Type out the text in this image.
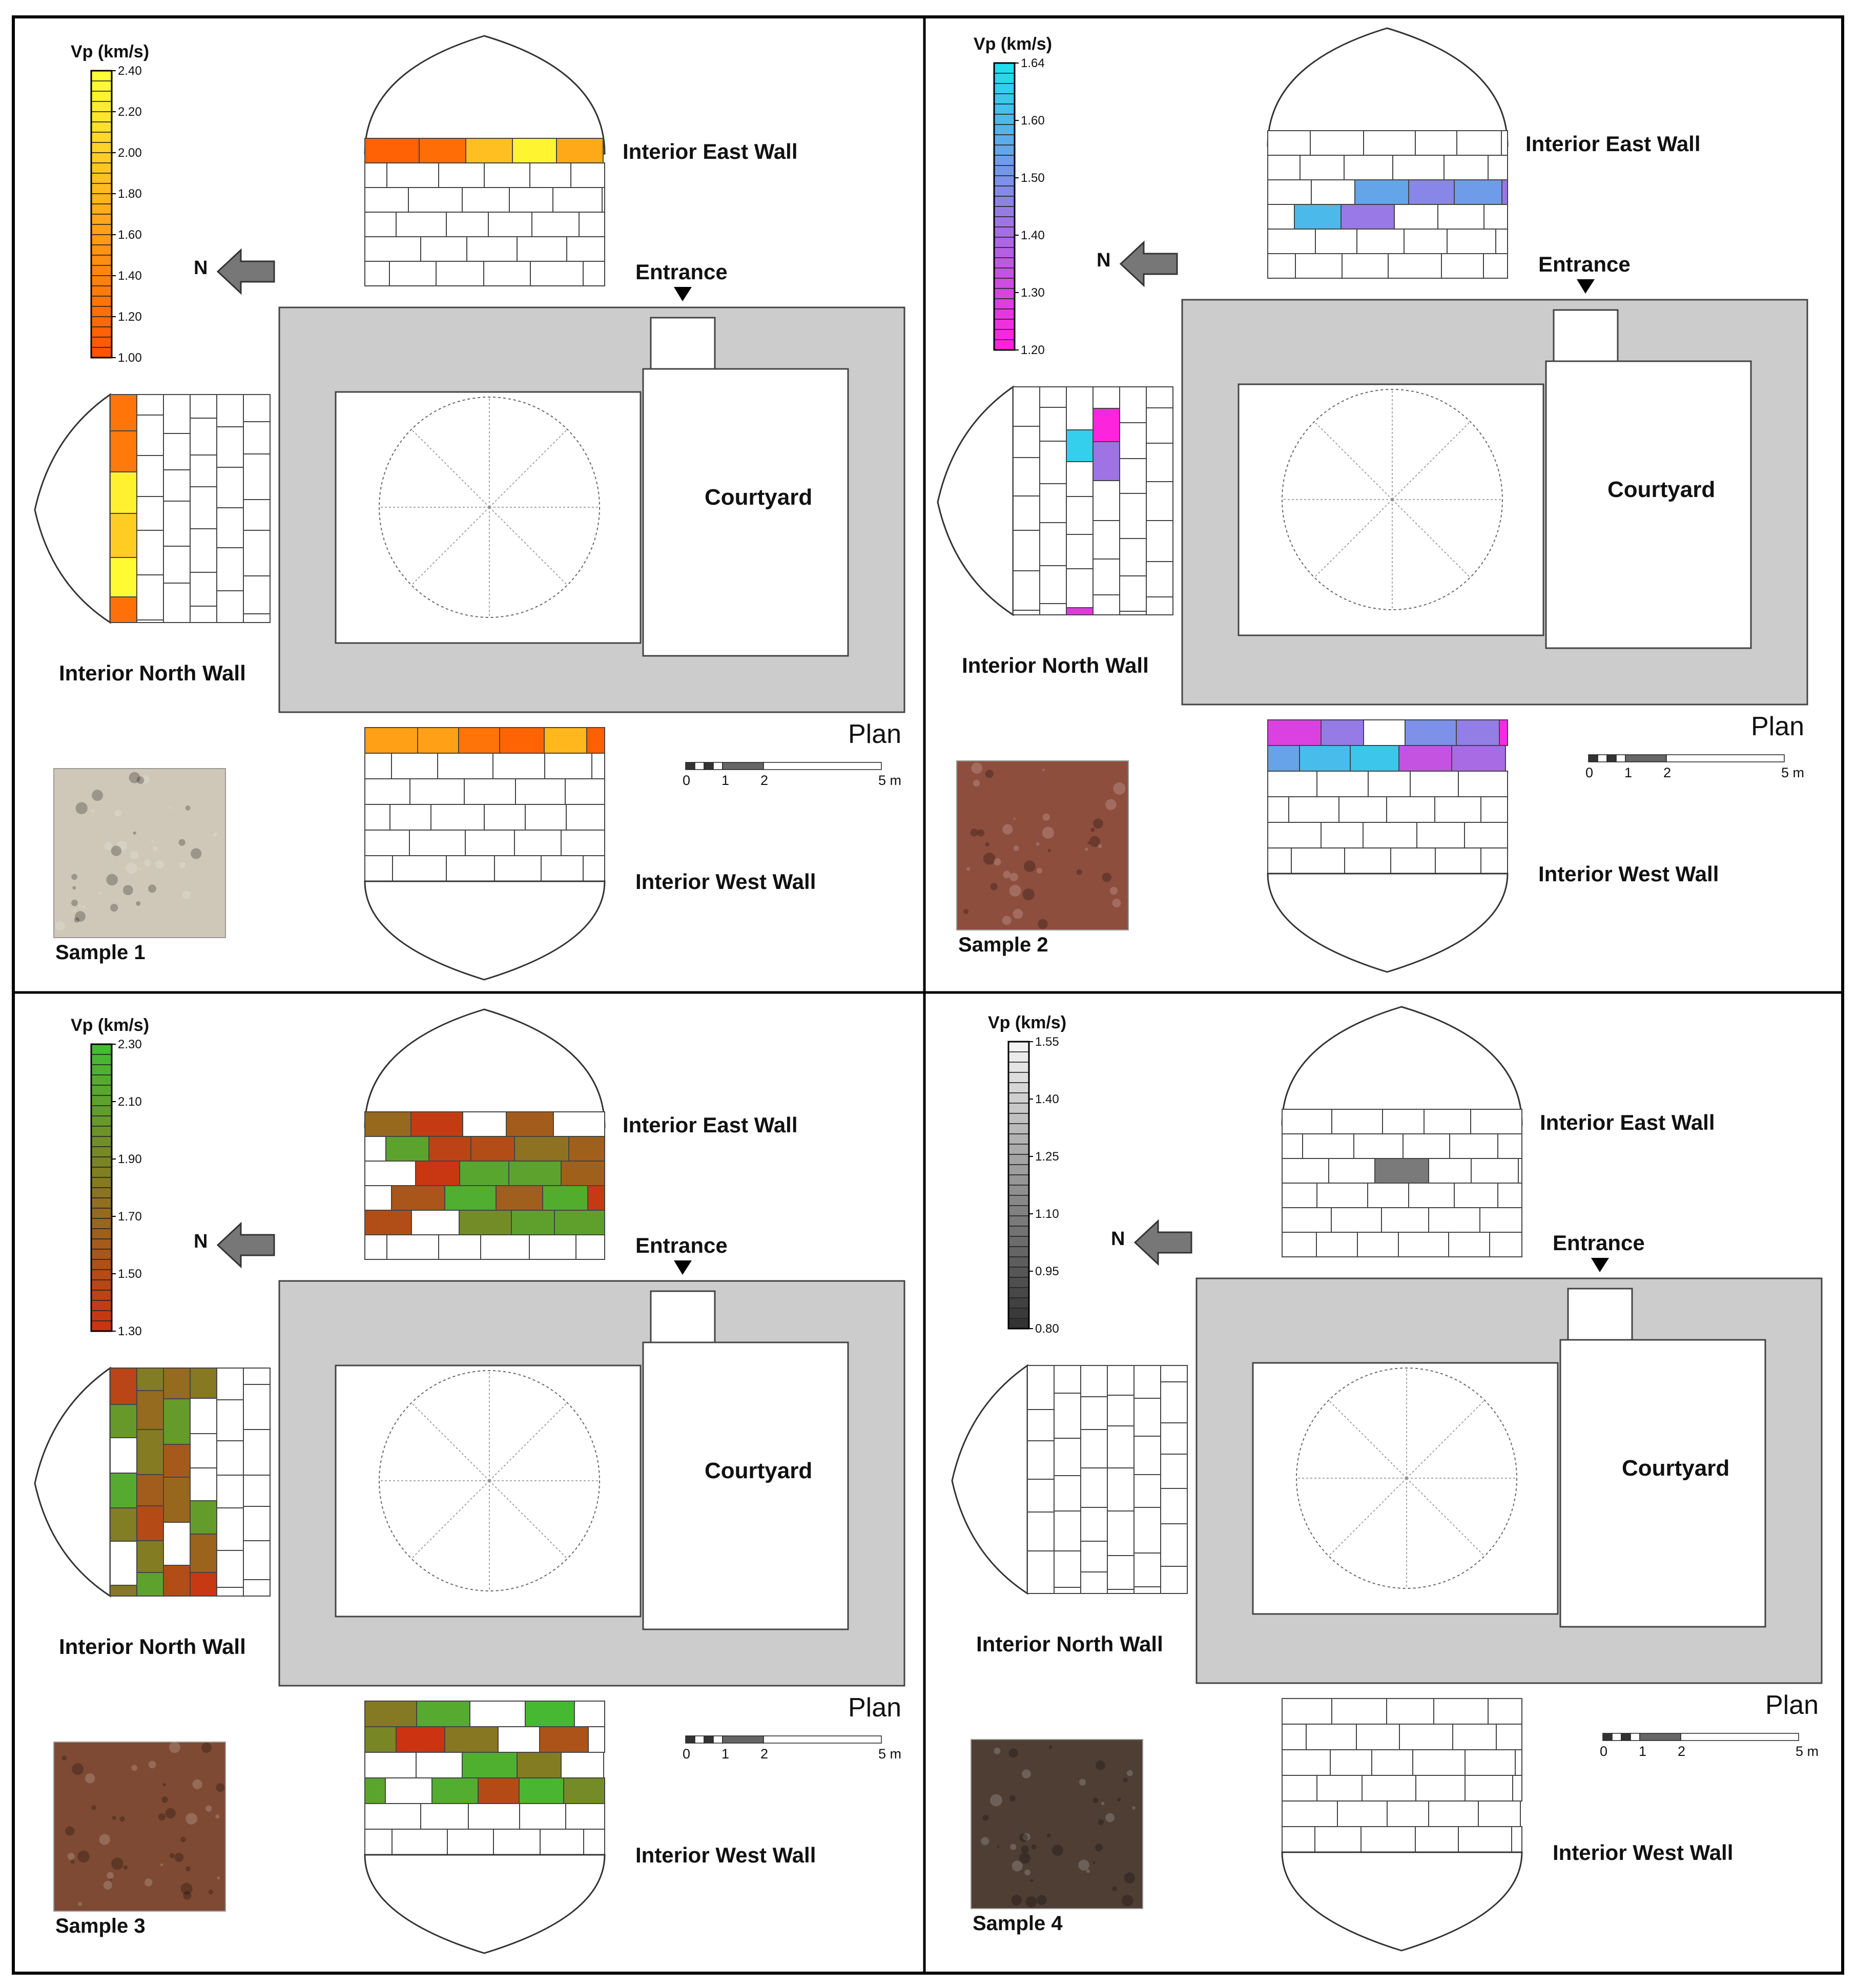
Vp (km/s)
2.40
2.20
2.00
1.80
1.60
1.40
1.20
1.00
N
Interior East Wall
Interior North Wall
Interior West Wall
Courtyard
Entrance
Plan
0 1 2	5 m
Sample 1
Vp (km/s)
1.64
1.60
1.50
1.40
1.30
1.20
N
Interior East Wall
Interior North Wall
Interior West Wall
Courtyard
Entrance
Plan
0 1 2	5 m
Sample 2
Vp (km/s)
2.30
2.10
1.90
1.70
1.50
1.30
N
Interior East Wall
Interior North Wall
Interior West Wall
Courtyard
Entrance
Plan
0 1 2	5 m
Sample 3
Vp (km/s)
1.55
1.40
1.25
1.10
0.95
0.80
N
Interior East Wall
Interior North Wall
Interior West Wall
Courtyard
Entrance
Plan
0 1 2	5 m
Sample 4
